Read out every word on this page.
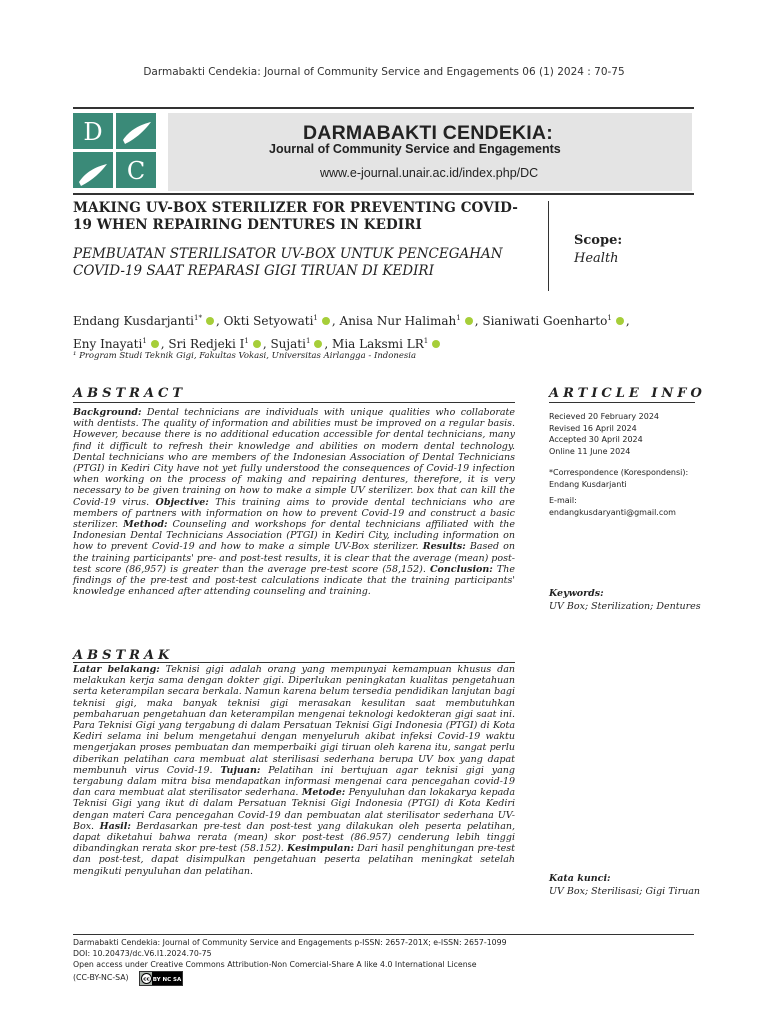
Darmabakti Cendekia: Journal of Community Service and Engagements 06 (1) 2024 : 70-75
D
C
DARMABAKTI CENDEKIA:
Journal of Community Service and Engagements
www.e-journal.unair.ac.id/index.php/DC
MAKING UV-BOX STERILIZER FOR PREVENTING COVID-19 WHEN REPAIRING DENTURES IN KEDIRI
PEMBUATAN STERILISATOR UV-BOX UNTUK PENCEGAHAN COVID-19 SAAT REPARASI GIGI TIRUAN DI KEDIRI
Scope:
Health
Endang Kusdarjanti$^{1*}$ , Okti Setyowati$^1$ , Anisa Nur Halimah$^1$ , Sianiwati Goenharto$^1$ ,
Eny Inayati$^1$ , Sri Redjeki $I^1$ , Sujati$^1$ , Mia Laksmi $LR^1$
¹ Program Studi Teknik Gigi, Fakultas Vokasi, Universitas Airlangga - Indonesia
ABSTRACT
Background: Dental technicians are individuals with unique qualities who collaborate with dentists. The quality of information and abilities must be improved on a regular basis. However, because there is no additional education accessible for dental technicians, many find it difficult to refresh their knowledge and abilities on modern dental technology. Dental technicians who are members of the Indonesian Association of Dental Technicians (PTGI) in Kediri City have not yet fully understood the consequences of Covid-19 infection when working on the process of making and repairing dentures, therefore, it is very necessary to be given training on how to make a simple UV sterilizer. box that can kill the Covid-19 virus. Objective: This training aims to provide dental technicians who are members of partners with information on how to prevent Covid-19 and construct a basic sterilizer. Method: Counseling and workshops for dental technicians affiliated with the Indonesian Dental Technicians Association (PTGI) in Kediri City, including information on how to prevent Covid-19 and how to make a simple UV-Box sterilizer. Results: Based on the training participants' pre- and post-test results, it is clear that the average (mean) post-test score (86,957) is greater than the average pre-test score (58,152). Conclusion: The findings of the pre-test and post-test calculations indicate that the training participants' knowledge enhanced after attending counseling and training.
ABSTRAK
Latar belakang: Teknisi gigi adalah orang yang mempunyai kemampuan khusus dan melakukan kerja sama dengan dokter gigi. Diperlukan peningkatan kualitas pengetahuan serta keterampilan secara berkala. Namun karena belum tersedia pendidikan lanjutan bagi teknisi gigi, maka banyak teknisi gigi merasakan kesulitan saat membutuhkan pembaharuan pengetahuan dan keterampilan mengenai teknologi kedokteran gigi saat ini. Para Teknisi Gigi yang tergabung di dalam Persatuan Teknisi Gigi Indonesia (PTGI) di Kota Kediri selama ini belum mengetahui dengan menyeluruh akibat infeksi Covid-19 waktu mengerjakan proses pembuatan dan memperbaiki gigi tiruan oleh karena itu, sangat perlu diberikan pelatihan cara membuat alat sterilisasi sederhana berupa UV box yang dapat membunuh virus Covid-19. Tujuan: Pelatihan ini bertujuan agar teknisi gigi yang tergabung dalam mitra bisa mendapatkan informasi mengenai cara pencegahan covid-19 dan cara membuat alat sterilisator sederhana. Metode: Penyuluhan dan lokakarya kepada Teknisi Gigi yang ikut di dalam Persatuan Teknisi Gigi Indonesia (PTGI) di Kota Kediri dengan materi Cara pencegahan Covid-19 dan pembuatan alat sterilisator sederhana UV-Box. Hasil: Berdasarkan pre-test dan post-test yang dilakukan oleh peserta pelatihan, dapat diketahui bahwa rerata (mean) skor post-test (86.957) cenderung lebih tinggi dibandingkan rerata skor pre-test (58.152). Kesimpulan: Dari hasil penghitungan pre-test dan post-test, dapat disimpulkan pengetahuan peserta pelatihan meningkat setelah mengikuti penyuluhan dan pelatihan.
ARTICLE INFO
Recieved 20 February 2024
Revised 16 April 2024
Accepted 30 April 2024
Online 11 June 2024
*Correspondence (Korespondensi):
Endang Kusdarjanti
E-mail:
endangkusdaryanti@gmail.com
Keywords:
UV Box; Sterilization; Dentures
Kata kunci:
UV Box; Sterilisasi; Gigi Tiruan
Darmabakti Cendekia: Journal of Community Service and Engagements p-ISSN: 2657-201X; e-ISSN: 2657-1099
DOI: 10.20473/dc.V6.I1.2024.70-75
Open access under Creative Commons Attribution-Non Comercial-Share A like 4.0 International License
(CC-BY-NC-SA)	cc BY NC SA
